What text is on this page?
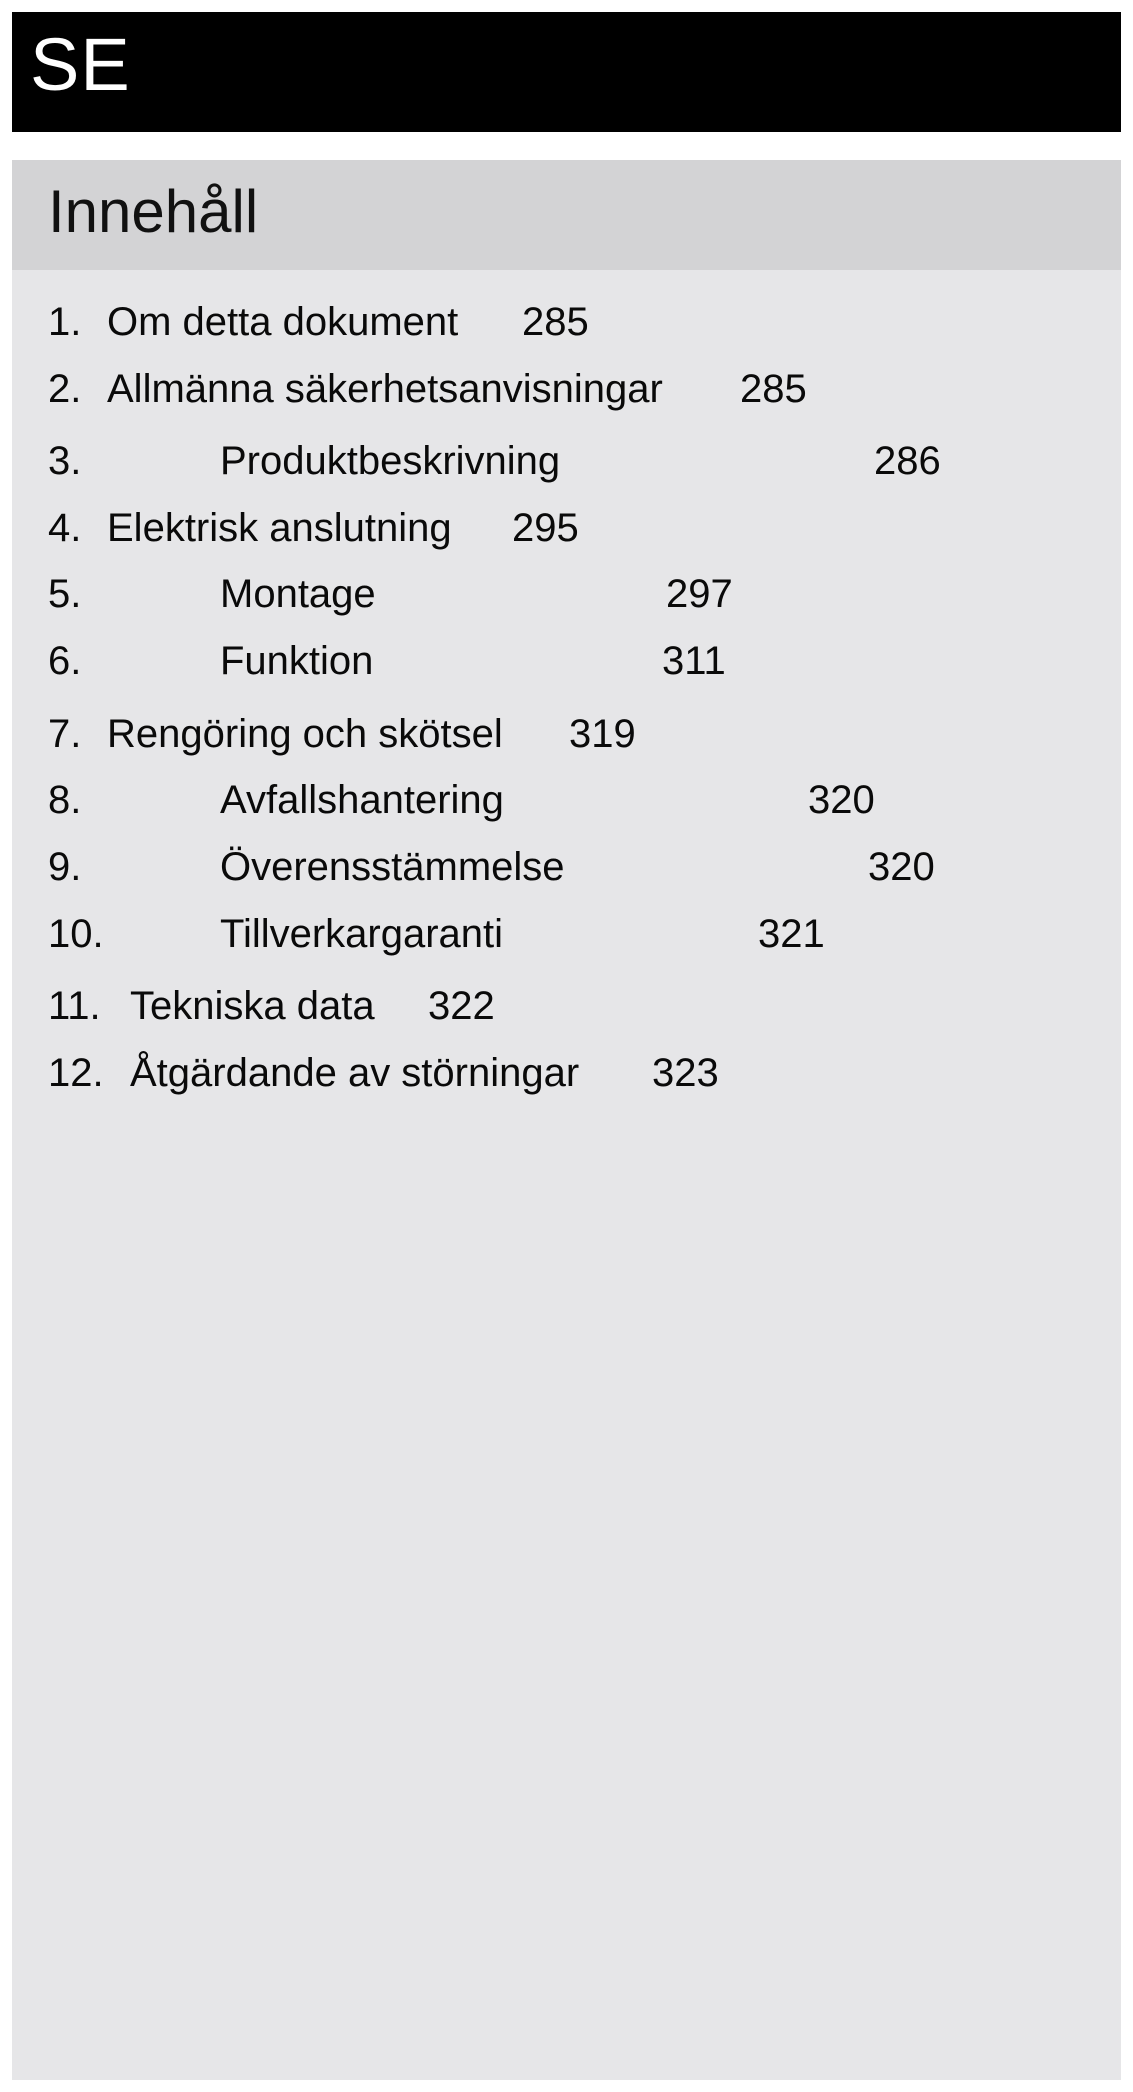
SE
Innehåll
1. Om detta dokument 285
2. Allmänna säkerhetsanvisningar 285
3.	Produktbeskrivning	286
4. Elektrisk anslutning 295
5.	Montage	297
6.	Funktion	311
7. Rengöring och skötsel 319
8.	Avfallshantering	320
9.	Överensstämmelse	320
10.	Tillverkargaranti	321
11. Tekniska data 322
12. Åtgärdande av störningar 323
